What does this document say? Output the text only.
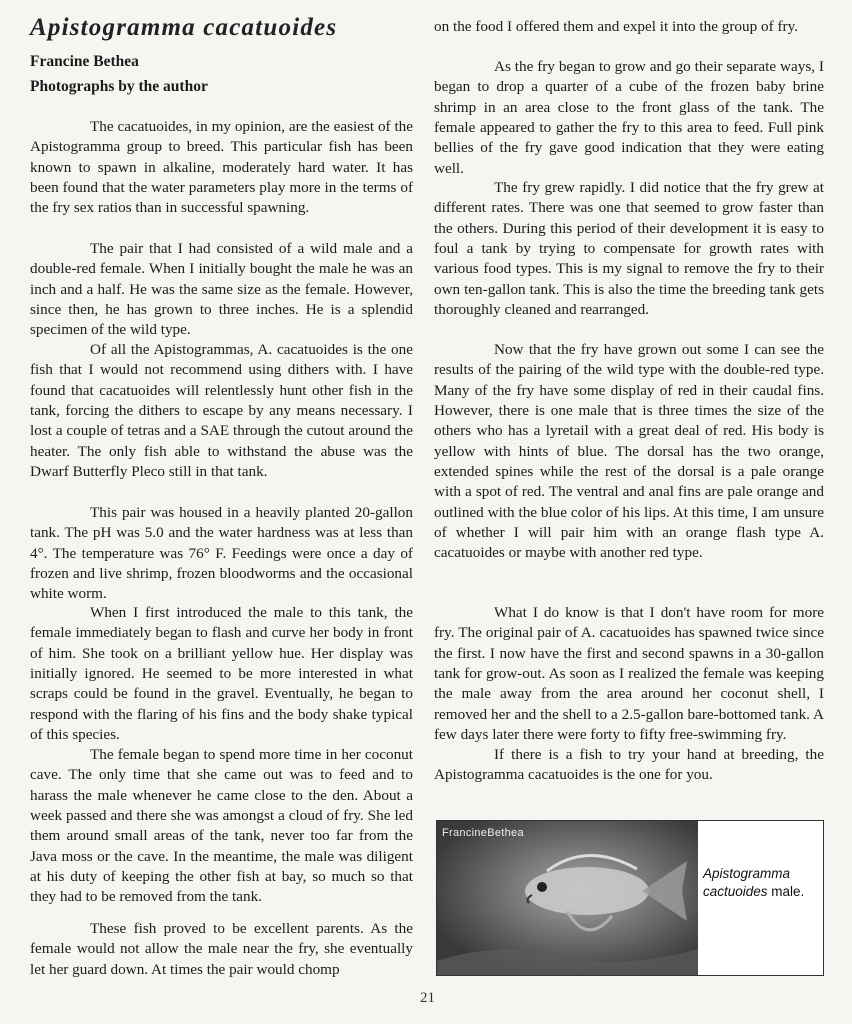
Apistogramma cacatuoides

Francine Bethea

Photographs by the author

The cacatuoides, in my opinion, are the easiest of the Apistogramma group to breed. This particular fish has been known to spawn in alkaline, moderately hard water. It has been found that the water parameters play more in the terms of the fry sex ratios than in successful spawning.

The pair that I had consisted of a wild male and a double-red female. When I initially bought the male he was an inch and a half. He was the same size as the female. However, since then, he has grown to three inches. He is a splendid specimen of the wild type.

Of all the Apistogrammas, A. cacatuoides is the one fish that I would not recommend using dithers with. I have found that cacatuoides will relentlessly hunt other fish in the tank, forcing the dithers to escape by any means necessary. I lost a couple of tetras and a SAE through the cutout around the heater. The only fish able to withstand the abuse was the Dwarf Butterfly Pleco still in that tank.

This pair was housed in a heavily planted 20-gallon tank. The pH was 5.0 and the water hardness was at less than 4°. The temperature was 76° F. Feedings were once a day of frozen and live shrimp, frozen bloodworms and the occasional white worm.

When I first introduced the male to this tank, the female immediately began to flash and curve her body in front of him. She took on a brilliant yellow hue. Her display was initially ignored. He seemed to be more interested in what scraps could be found in the gravel. Eventually, he began to respond with the flaring of his fins and the body shake typical of this species.

The female began to spend more time in her coconut cave. The only time that she came out was to feed and to harass the male whenever he came close to the den. About a week passed and there she was amongst a cloud of fry. She led them around small areas of the tank, never too far from the Java moss or the cave. In the meantime, the male was diligent at his duty of keeping the other fish at bay, so much so that they had to be removed from the tank.

These fish proved to be excellent parents. As the female would not allow the male near the fry, she eventually let her guard down. At times the pair would chomp

on the food I offered them and expel it into the group of fry.

As the fry began to grow and go their separate ways, I began to drop a quarter of a cube of the frozen baby brine shrimp in an area close to the front glass of the tank. The female appeared to gather the fry to this area to feed. Full pink bellies of the fry gave good indication that they were eating well.

The fry grew rapidly. I did notice that the fry grew at different rates. There was one that seemed to grow faster than the others. During this period of their development it is easy to foul a tank by trying to compensate for growth rates with various food types. This is my signal to remove the fry to their own ten-gallon tank. This is also the time the breeding tank gets thoroughly cleaned and rearranged.

Now that the fry have grown out some I can see the results of the pairing of the wild type with the double-red type. Many of the fry have some display of red in their caudal fins. However, there is one male that is three times the size of the others who has a lyretail with a great deal of red. His body is yellow with hints of blue. The dorsal has the two orange, extended spines while the rest of the dorsal is a pale orange with a spot of red. The ventral and anal fins are pale orange and outlined with the blue color of his lips. At this time, I am unsure of whether I will pair him with an orange flash type A. cacatuoides or maybe with another red type.

What I do know is that I don't have room for more fry. The original pair of A. cacatuoides has spawned twice since the first. I now have the first and second spawns in a 30-gallon tank for grow-out. As soon as I realized the female was keeping the male away from the area around her coconut shell, I removed her and the shell to a 2.5-gallon bare-bottomed tank. A few days later there were forty to fifty free-swimming fry.

If there is a fish to try your hand at breeding, the Apistogramma cacatuoides is the one for you.

FrancineBethea
Apistogramma cactuoides male.
21
